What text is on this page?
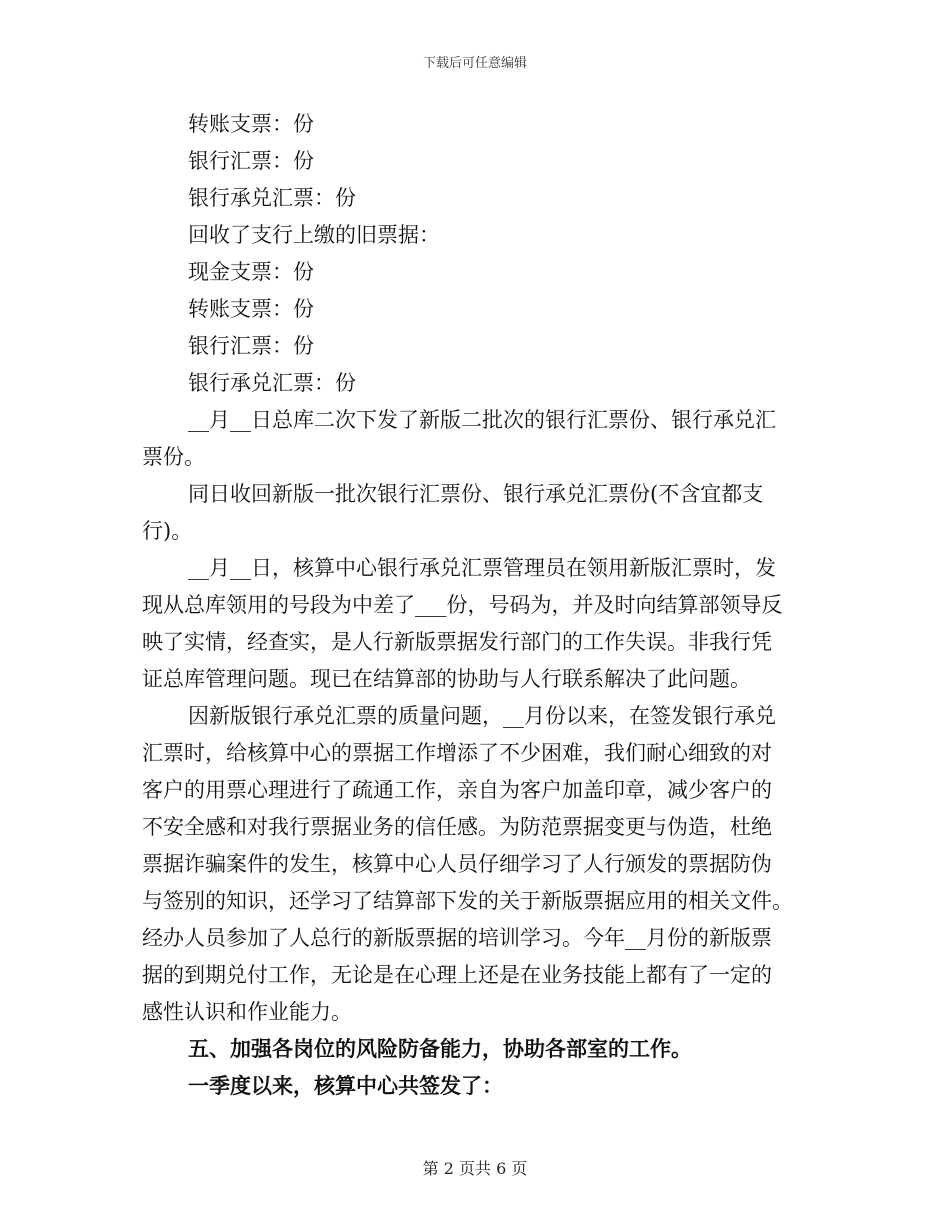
下载后可任意编辑
转账支票：份
银行汇票：份
银行承兑汇票：份
回收了支行上缴的旧票据：
现金支票：份
转账支票：份
银行汇票：份
银行承兑汇票：份
__月__日总库二次下发了新版二批次的银行汇票份、银行承兑汇
票份。
同日收回新版一批次银行汇票份、银行承兑汇票份(不含宜都支
行)。
__月__日，核算中心银行承兑汇票管理员在领用新版汇票时，发
现从总库领用的号段为中差了___份，号码为，并及时向结算部领导反
映了实情，经查实，是人行新版票据发行部门的工作失误。非我行凭
证总库管理问题。现已在结算部的协助与人行联系解决了此问题。
因新版银行承兑汇票的质量问题，__月份以来，在签发银行承兑
汇票时，给核算中心的票据工作增添了不少困难，我们耐心细致的对
客户的用票心理进行了疏通工作，亲自为客户加盖印章，减少客户的
不安全感和对我行票据业务的信任感。为防范票据变更与伪造，杜绝
票据诈骗案件的发生，核算中心人员仔细学习了人行颁发的票据防伪
与签别的知识，还学习了结算部下发的关于新版票据应用的相关文件。
经办人员参加了人总行的新版票据的培训学习。今年__月份的新版票
据的到期兑付工作，无论是在心理上还是在业务技能上都有了一定的
感性认识和作业能力。
五、加强各岗位的风险防备能力，协助各部室的工作。
一季度以来，核算中心共签发了：
第 2 页共 6 页
